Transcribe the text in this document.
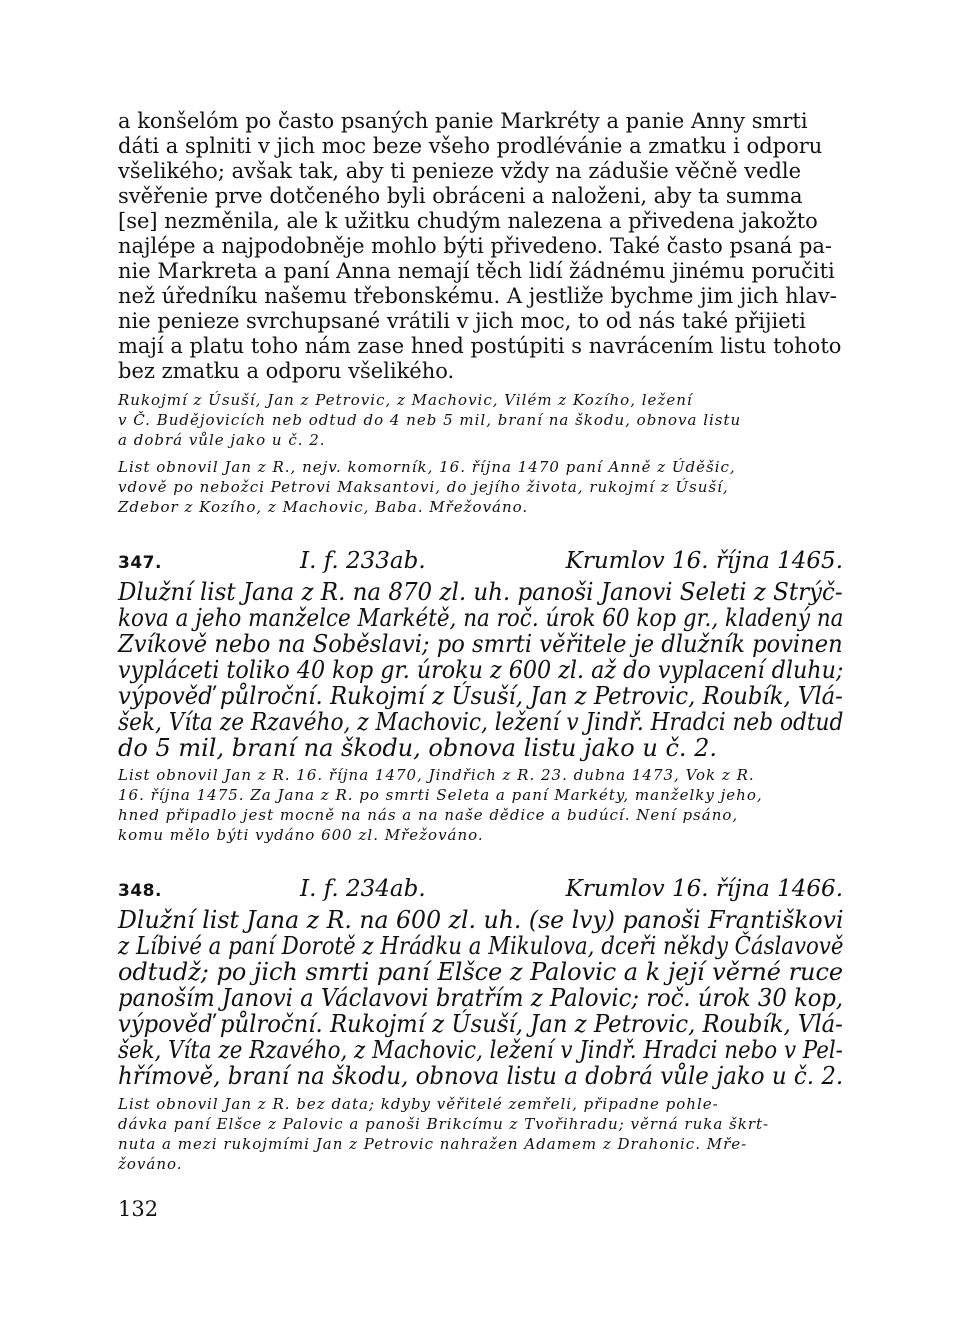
a konšelóm po často psaných panie Markréty a panie Anny smrti
dáti a splniti v jich moc beze všeho prodlévánie a zmatku i odporu
všelikého; avšak tak, aby ti penieze vždy na zádušie věčně vedle
svěřenie prve dotčeného byli obráceni a naloženi, aby ta summa
[se] nezměnila, ale k užitku chudým nalezena a přivedena jakožto
najlépe a najpodobněje mohlo býti přivedeno. Také často psaná pa-
nie Markreta a paní Anna nemají těch lidí žádnému jinému poručiti
než úředníku našemu třebonskému. A jestliže bychme jim jich hlav-
nie penieze svrchupsané vrátili v jich moc, to od nás také přijieti
mají a platu toho nám zase hned postúpiti s navrácením listu tohoto
bez zmatku a odporu všelikého.
Rukojmí z Úsuší, Jan z Petrovic, z Machovic, Vilém z Kozího, ležení
v Č. Budějovicích neb odtud do 4 neb 5 mil, braní na škodu, obnova listu
a dobrá vůle jako u č. 2.
List obnovil Jan z R., nejv. komorník, 16. října 1470 paní Anně z Úděšic,
vdově po nebožci Petrovi Maksantovi, do jejího života, rukojmí z Úsuší,
Zdebor z Kozího, z Machovic, Baba. Mřežováno.
347.	I. f. 233ab.	Krumlov 16. října 1465.
Dlužní list Jana z R. na 870 zl. uh. panoši Janovi Seleti z Strýč-
kova a jeho manželce Markétě, na roč. úrok 60 kop gr., kladený na
Zvíkově nebo na Soběslavi; po smrti věřitele je dlužník povinen
vypláceti toliko 40 kop gr. úroku z 600 zl. až do vyplacení dluhu;
výpověď půlroční. Rukojmí z Úsuší, Jan z Petrovic, Roubík, Vlá-
šek, Víta ze Rzavého, z Machovic, ležení v Jindř. Hradci neb odtud
do 5 mil, braní na škodu, obnova listu jako u č. 2.
List obnovil Jan z R. 16. října 1470, Jindřich z R. 23. dubna 1473, Vok z R.
16. října 1475. Za Jana z R. po smrti Seleta a paní Markéty, manželky jeho,
hned připadlo jest mocně na nás a na naše dědice a budúcí. Není psáno,
komu mělo býti vydáno 600 zl. Mřežováno.
348.	I. f. 234ab.	Krumlov 16. října 1466.
Dlužní list Jana z R. na 600 zl. uh. (se lvy) panoši Františkovi
z Líbivé a paní Dorotě z Hrádku a Mikulova, dceři někdy Čáslavově
odtudž; po jich smrti paní Elšce z Palovic a k její věrné ruce
panoším Janovi a Václavovi bratřím z Palovic; roč. úrok 30 kop,
výpověď půlroční. Rukojmí z Úsuší, Jan z Petrovic, Roubík, Vlá-
šek, Víta ze Rzavého, z Machovic, ležení v Jindř. Hradci nebo v Pel-
hřímově, braní na škodu, obnova listu a dobrá vůle jako u č. 2.
List obnovil Jan z R. bez data; kdyby věřitelé zemřeli, připadne pohle-
dávka paní Elšce z Palovic a panoši Brikcímu z Tvořihradu; věrná ruka škrt-
nuta a mezi rukojmími Jan z Petrovic nahražen Adamem z Drahonic. Mře-
žováno.
132
